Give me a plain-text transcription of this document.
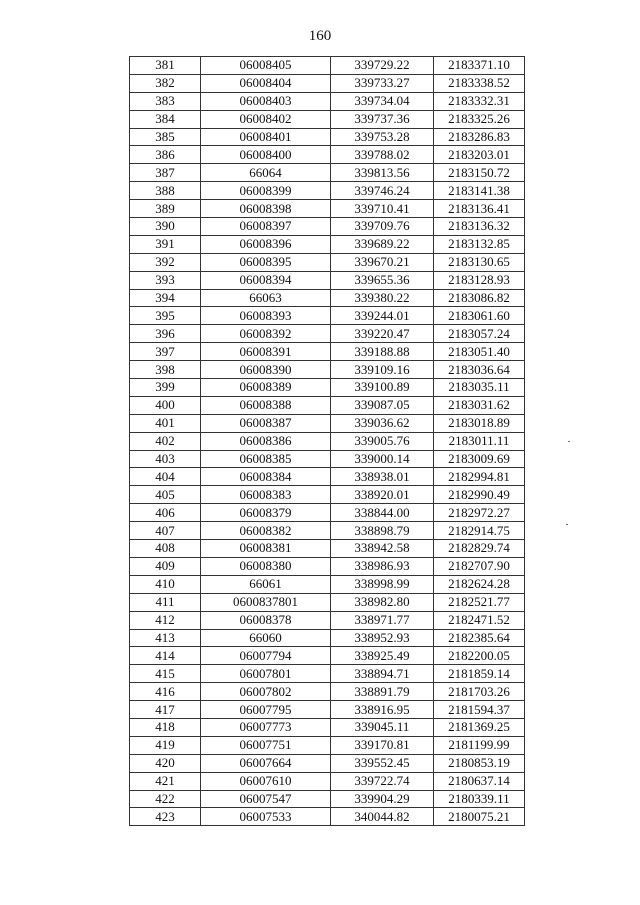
160
381	06008405	339729.22	2183371.10
382	06008404	339733.27	2183338.52
383	06008403	339734.04	2183332.31
384	06008402	339737.36	2183325.26
385	06008401	339753.28	2183286.83
386	06008400	339788.02	2183203.01
387	66064	339813.56	2183150.72
388	06008399	339746.24	2183141.38
389	06008398	339710.41	2183136.41
390	06008397	339709.76	2183136.32
391	06008396	339689.22	2183132.85
392	06008395	339670.21	2183130.65
393	06008394	339655.36	2183128.93
394	66063	339380.22	2183086.82
395	06008393	339244.01	2183061.60
396	06008392	339220.47	2183057.24
397	06008391	339188.88	2183051.40
398	06008390	339109.16	2183036.64
399	06008389	339100.89	2183035.11
400	06008388	339087.05	2183031.62
401	06008387	339036.62	2183018.89
402	06008386	339005.76	2183011.11
403	06008385	339000.14	2183009.69
404	06008384	338938.01	2182994.81
405	06008383	338920.01	2182990.49
406	06008379	338844.00	2182972.27
407	06008382	338898.79	2182914.75
408	06008381	338942.58	2182829.74
409	06008380	338986.93	2182707.90
410	66061	338998.99	2182624.28
411	0600837801	338982.80	2182521.77
412	06008378	338971.77	2182471.52
413	66060	338952.93	2182385.64
414	06007794	338925.49	2182200.05
415	06007801	338894.71	2181859.14
416	06007802	338891.79	2181703.26
417	06007795	338916.95	2181594.37
418	06007773	339045.11	2181369.25
419	06007751	339170.81	2181199.99
420	06007664	339552.45	2180853.19
421	06007610	339722.74	2180637.14
422	06007547	339904.29	2180339.11
423	06007533	340044.82	2180075.21
